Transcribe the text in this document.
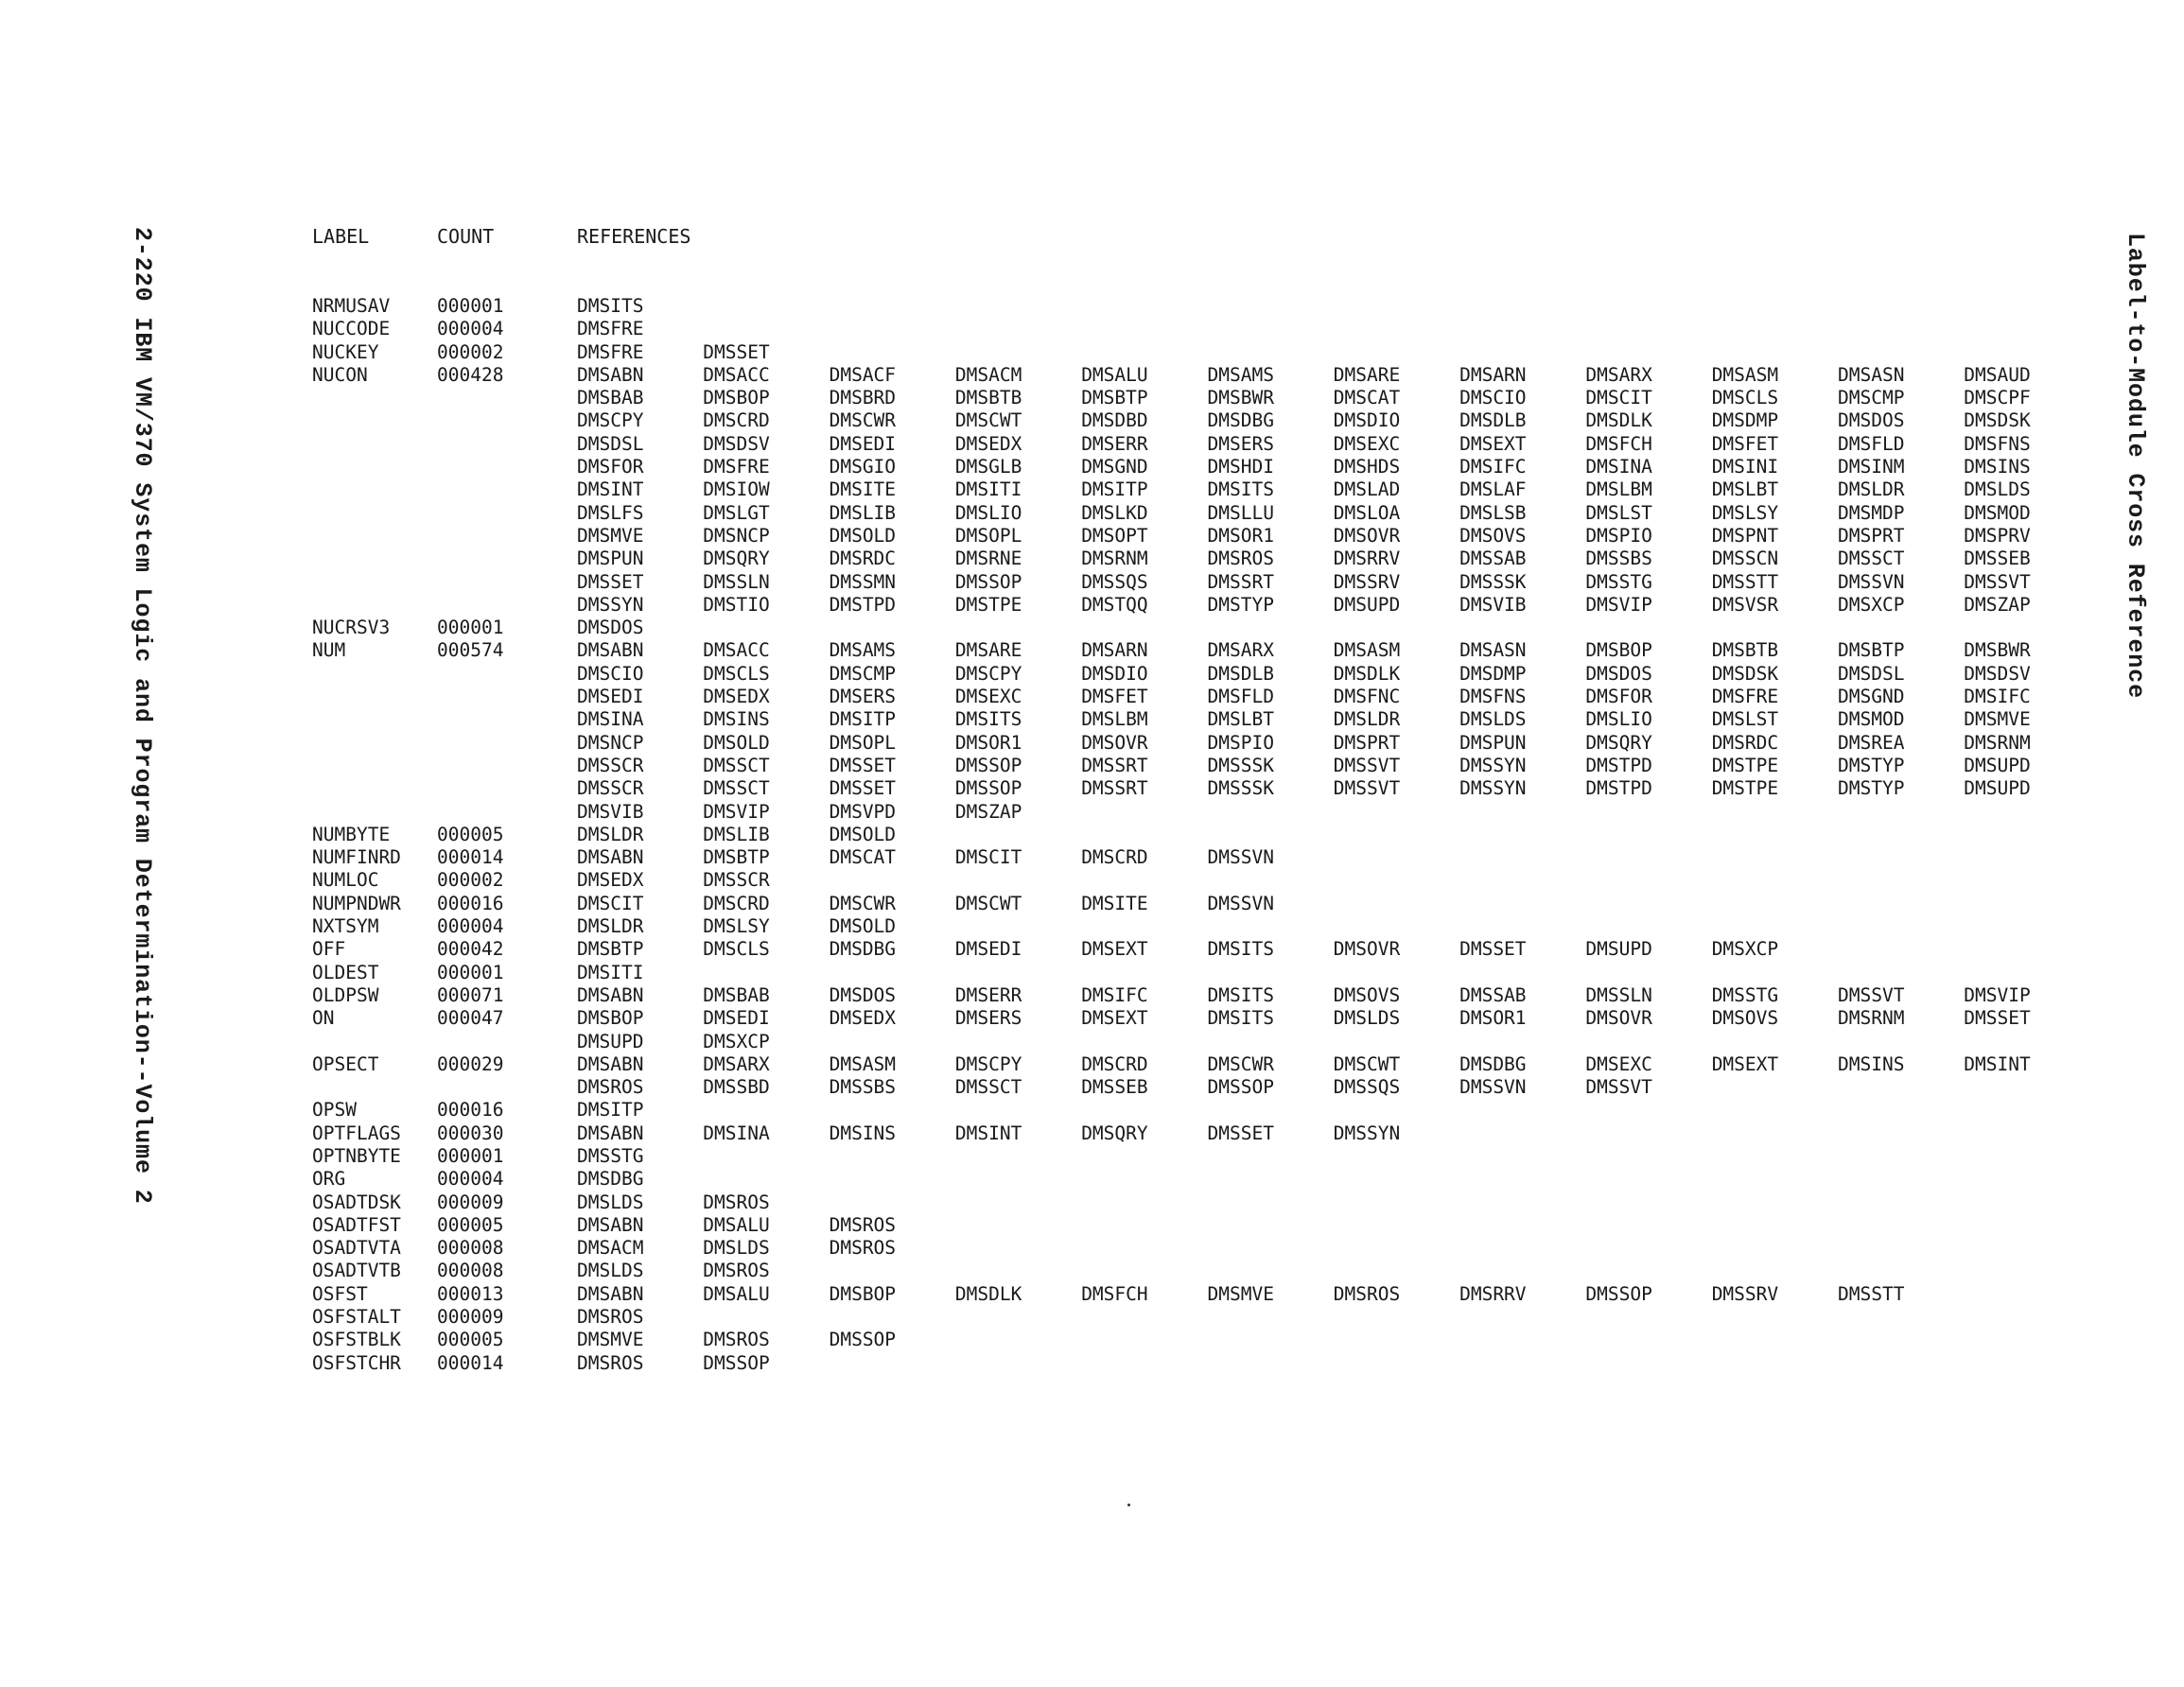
2-220 IBM VM/370 System Logic and Program Determination--Volume 2	Label-to-Module Cross Reference
LABEL	COUNT	REFERENCES
NRMUSAV	000001	DMSITS
NUCCODE	000004	DMSFRE
NUCKEY	000002	DMSFRE	DMSSET
NUCON	000428	DMSABN	DMSACC	DMSACF	DMSACM	DMSALU	DMSAMS	DMSARE	DMSARN	DMSARX	DMSASM	DMSASN	DMSAUD
DMSBAB	DMSBOP	DMSBRD	DMSBTB	DMSBTP	DMSBWR	DMSCAT	DMSCIO	DMSCIT	DMSCLS	DMSCMP	DMSCPF
DMSCPY	DMSCRD	DMSCWR	DMSCWT	DMSDBD	DMSDBG	DMSDIO	DMSDLB	DMSDLK	DMSDMP	DMSDOS	DMSDSK
DMSDSL	DMSDSV	DMSEDI	DMSEDX	DMSERR	DMSERS	DMSEXC	DMSEXT	DMSFCH	DMSFET	DMSFLD	DMSFNS
DMSFOR	DMSFRE	DMSGIO	DMSGLB	DMSGND	DMSHDI	DMSHDS	DMSIFC	DMSINA	DMSINI	DMSINM	DMSINS
DMSINT	DMSIOW	DMSITE	DMSITI	DMSITP	DMSITS	DMSLAD	DMSLAF	DMSLBM	DMSLBT	DMSLDR	DMSLDS
DMSLFS	DMSLGT	DMSLIB	DMSLIO	DMSLKD	DMSLLU	DMSLOA	DMSLSB	DMSLST	DMSLSY	DMSMDP	DMSMOD
DMSMVE	DMSNCP	DMSOLD	DMSOPL	DMSOPT	DMSOR1	DMSOVR	DMSOVS	DMSPIO	DMSPNT	DMSPRT	DMSPRV
DMSPUN	DMSQRY	DMSRDC	DMSRNE	DMSRNM	DMSROS	DMSRRV	DMSSAB	DMSSBS	DMSSCN	DMSSCT	DMSSEB
DMSSET	DMSSLN	DMSSMN	DMSSOP	DMSSQS	DMSSRT	DMSSRV	DMSSSK	DMSSTG	DMSSTT	DMSSVN	DMSSVT
DMSSYN	DMSTIO	DMSTPD	DMSTPE	DMSTQQ	DMSTYP	DMSUPD	DMSVIB	DMSVIP	DMSVSR	DMSXCP	DMSZAP
NUCRSV3	000001	DMSDOS
NUM	000574	DMSABN	DMSACC	DMSAMS	DMSARE	DMSARN	DMSARX	DMSASM	DMSASN	DMSBOP	DMSBTB	DMSBTP	DMSBWR
DMSCIO	DMSCLS	DMSCMP	DMSCPY	DMSDIO	DMSDLB	DMSDLK	DMSDMP	DMSDOS	DMSDSK	DMSDSL	DMSDSV
DMSEDI	DMSEDX	DMSERS	DMSEXC	DMSFET	DMSFLD	DMSFNC	DMSFNS	DMSFOR	DMSFRE	DMSGND	DMSIFC
DMSINA	DMSINS	DMSITP	DMSITS	DMSLBM	DMSLBT	DMSLDR	DMSLDS	DMSLIO	DMSLST	DMSMOD	DMSMVE
DMSNCP	DMSOLD	DMSOPL	DMSOR1	DMSOVR	DMSPIO	DMSPRT	DMSPUN	DMSQRY	DMSRDC	DMSREA	DMSRNM
DMSSCR	DMSSCT	DMSSET	DMSSOP	DMSSRT	DMSSSK	DMSSVT	DMSSYN	DMSTPD	DMSTPE	DMSTYP	DMSUPD
DMSSCR	DMSSCT	DMSSET	DMSSOP	DMSSRT	DMSSSK	DMSSVT	DMSSYN	DMSTPD	DMSTPE	DMSTYP	DMSUPD
DMSVIB	DMSVIP	DMSVPD	DMSZAP
NUMBYTE	000005	DMSLDR	DMSLIB	DMSOLD
NUMFINRD 000014	DMSABN	DMSBTP	DMSCAT	DMSCIT	DMSCRD	DMSSVN
NUMLOC	000002	DMSEDX	DMSSCR
NUMPNDWR 000016	DMSCIT	DMSCRD	DMSCWR	DMSCWT	DMSITE	DMSSVN
NXTSYM	000004	DMSLDR	DMSLSY	DMSOLD
OFF	000042	DMSBTP	DMSCLS	DMSDBG	DMSEDI	DMSEXT	DMSITS	DMSOVR	DMSSET	DMSUPD	DMSXCP
OLDEST	000001	DMSITI
OLDPSW	000071	DMSABN	DMSBAB	DMSDOS	DMSERR	DMSIFC	DMSITS	DMSOVS	DMSSAB	DMSSLN	DMSSTG	DMSSVT	DMSVIP
ON	000047	DMSBOP	DMSEDI	DMSEDX	DMSERS	DMSEXT	DMSITS	DMSLDS	DMSOR1	DMSOVR	DMSOVS	DMSRNM	DMSSET
DMSUPD	DMSXCP
OPSECT	000029	DMSABN	DMSARX	DMSASM	DMSCPY	DMSCRD	DMSCWR	DMSCWT	DMSDBG	DMSEXC	DMSEXT	DMSINS	DMSINT
DMSROS	DMSSBD	DMSSBS	DMSSCT	DMSSEB	DMSSOP	DMSSQS	DMSSVN	DMSSVT
OPSW	000016	DMSITP
OPTFLAGS 000030	DMSABN	DMSINA	DMSINS	DMSINT	DMSQRY	DMSSET	DMSSYN
OPTNBYTE 000001	DMSSTG
ORG	000004	DMSDBG
OSADTDSK 000009	DMSLDS	DMSROS
OSADTFST 000005	DMSABN	DMSALU	DMSROS
OSADTVTA 000008	DMSACM	DMSLDS	DMSROS
OSADTVTB 000008	DMSLDS	DMSROS
OSFST	000013	DMSABN	DMSALU	DMSBOP	DMSDLK	DMSFCH	DMSMVE	DMSROS	DMSRRV	DMSSOP	DMSSRV	DMSSTT
OSFSTALT 000009	DMSROS
OSFSTBLK 000005	DMSMVE	DMSROS	DMSSOP
OSFSTCHR 000014	DMSROS	DMSSOP
